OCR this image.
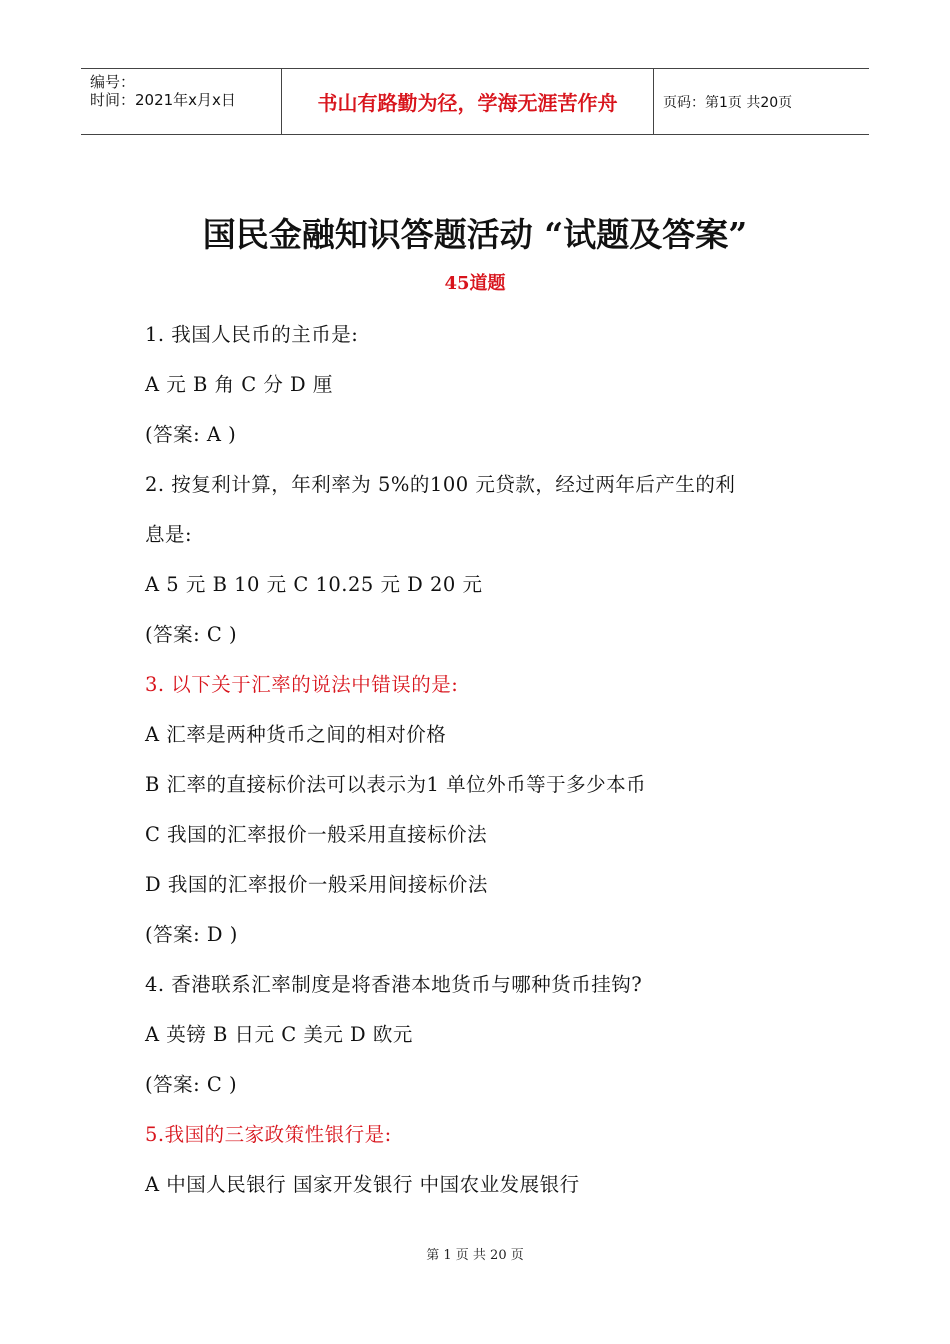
编号：
时间：2021年x月x日	书山有路勤为径，学海无涯苦作舟	页码：第1页 共20页
国民金融知识答题活动 “试题及答案”
45道题
1. 我国人民币的主币是:
A 元 B 角 C 分 D 厘
(答案: A )
2. 按复利计算，年利率为 5%的100 元贷款，经过两年后产生的利
息是:
A 5 元 B 10 元 C 10.25 元 D 20 元
(答案: C )
3. 以下关于汇率的说法中错误的是:
A 汇率是两种货币之间的相对价格
B 汇率的直接标价法可以表示为1 单位外币等于多少本币
C 我国的汇率报价一般采用直接标价法
D 我国的汇率报价一般采用间接标价法
(答案: D )
4. 香港联系汇率制度是将香港本地货币与哪种货币挂钩?
A 英镑 B 日元 C 美元 D 欧元
(答案: C )
5.我国的三家政策性银行是:
A 中国人民银行 国家开发银行 中国农业发展银行
第 1 页 共 20 页
